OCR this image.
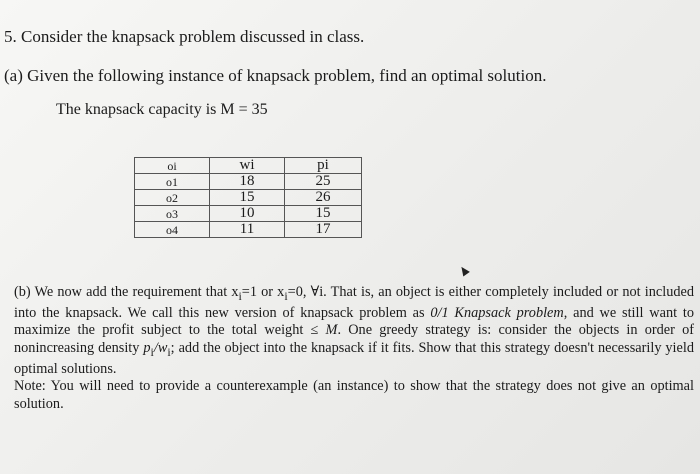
5. Consider the knapsack problem discussed in class.
(a) Given the following instance of knapsack problem, find an optimal solution.
The knapsack capacity is M = 35
oi	wi	pi
o1	18	25
o2	15	26
o3	10	15
o4	11	17

(b) We now add the requirement that $x_i=1$ or $x_i=0$, ∀i. That is, an object is either completely included or not included into the knapsack. We call this new version of knapsack problem as 0/1 Knapsack problem, and we still want to maximize the profit subject to the total weight ≤ M. One greedy strategy is: consider the objects in order of nonincreasing density $p_i/w_i$; add the object into the knapsack if it fits. Show that this strategy doesn't necessarily yield optimal solutions.

Note: You will need to provide a counterexample (an instance) to show that the strategy does not give an optimal solution.
